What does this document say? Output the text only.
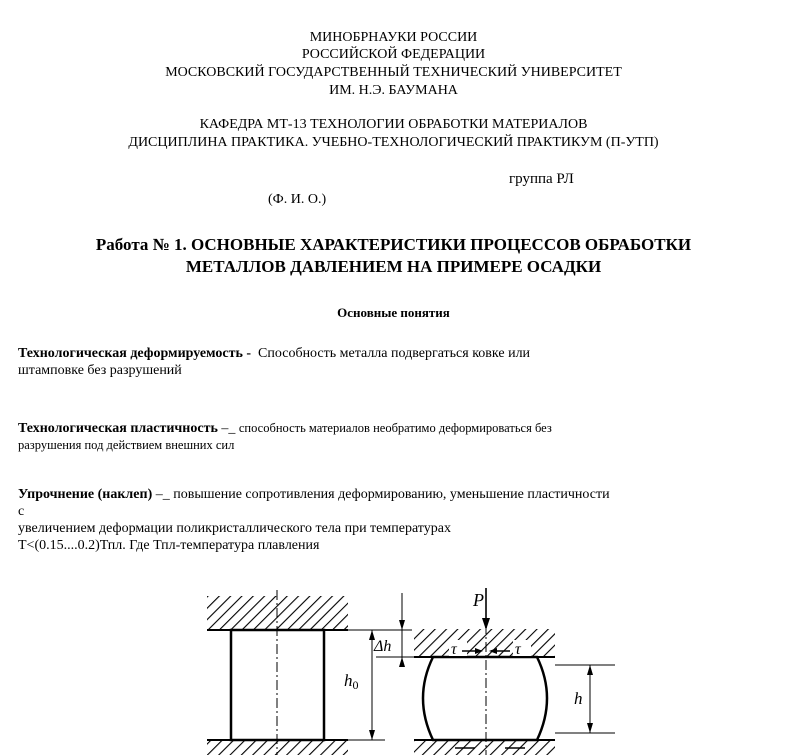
МИНОБРНАУКИ РОССИИ
РОССИЙСКОЙ ФЕДЕРАЦИИ
МОСКОВСКИЙ ГОСУДАРСТВЕННЫЙ ТЕХНИЧЕСКИЙ УНИВЕРСИТЕТ
ИМ. Н.Э. БАУМАНА
КАФЕДРА МТ-13 ТЕХНОЛОГИИ ОБРАБОТКИ МАТЕРИАЛОВ
ДИСЦИПЛИНА ПРАКТИКА. УЧЕБНО-ТЕХНОЛОГИЧЕСКИЙ ПРАКТИКУМ (П-УТП)
группа РЛ
(Ф. И. О.)
Работа № 1. ОСНОВНЫЕ ХАРАКТЕРИСТИКИ ПРОЦЕССОВ ОБРАБОТКИ
МЕТАЛЛОВ ДАВЛЕНИЕМ НА ПРИМЕРЕ ОСАДКИ
Основные понятия
Технологическая деформируемость - Способность металла подвергаться ковке или
штамповке без разрушений
Технологическая пластичность –_ способность материалов необратимо деформироваться без
разрушения под действием внешних сил
Упрочнение (наклеп) –_ повышение сопротивления деформированию, уменьшение пластичности
с
увеличением деформации поликристаллического тела при температурах
T<(0.15....0.2)Тпл. Где Тпл-температура плавления
h0
Δh
P
τ	τ
h
